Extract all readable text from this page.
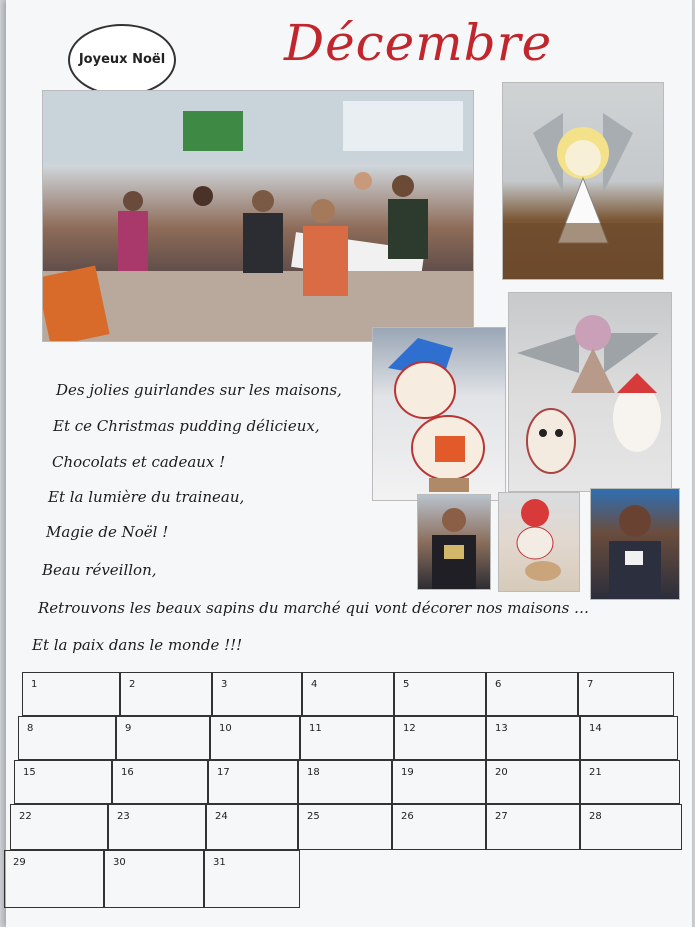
Joyeux Noël Décembre
Des jolies guirlandes sur les maisons,
Et ce Christmas pudding délicieux,
Chocolats et cadeaux !
Et la lumière du traineau,
Magie de Noël !
Beau réveillon,
Retrouvons les beaux sapins du marché qui vont décorer nos maisons …
Et la paix dans le monde !!!
1	2	3	4	5	6	7
8	9	10	11	12	13	14
15	16	17	18	19	20	21
22	23	24	25	26	27	28
29	30	31
